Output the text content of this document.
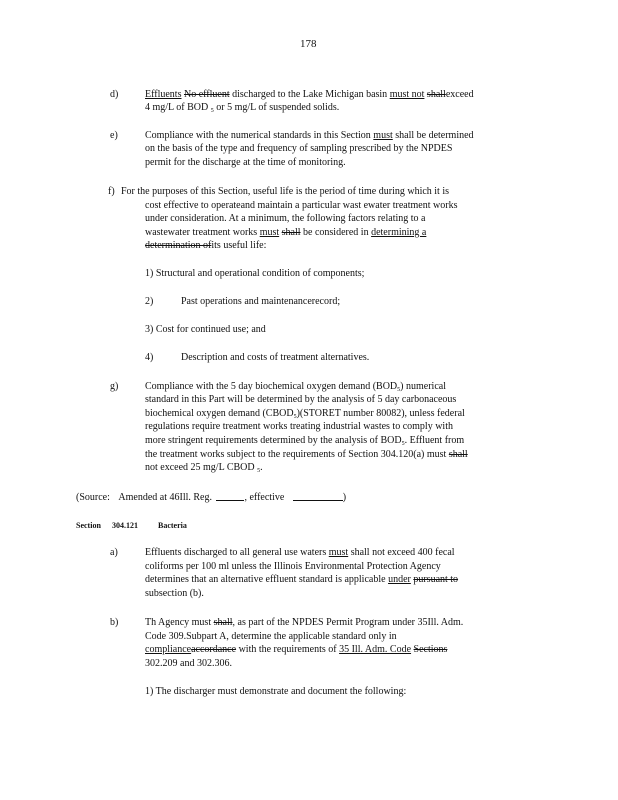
178
d)	Effluents No effluent discharged to the Lake Michigan basin must not shallexceed
4 mg/L of BOD $_5$ or 5 mg/L of suspended solids.
e)	Compliance with the numerical standards in this Section must shall be determined
on the basis of the type and frequency of sampling prescribed by the NPDES
permit for the discharge at the time of monitoring.
f) For the purposes of this Section, useful life is the period of time during which it is
cost effective to operateand maintain a particular wast ewater treatment works
under consideration. At a minimum, the following factors relating to a
wastewater treatment works must shall be considered in determining a
determination ofits useful life:
1) Structural and operational condition of components;
2)	Past operations and maintenancerecord;
3) Cost for continued use; and
4)	Description and costs of treatment alternatives.
g)	Compliance with the 5 day biochemical oxygen demand $(BOD_5)$ numerical
standard in this Part will be determined by the analysis of 5 day carbonaceous
biochemical oxygen demand $(CBOD_5)(STORET$ number 80082), unless federal
regulations require treatment works treating industrial wastes to comply with
more stringent requirements determined by the analysis of $BOD_5$. Effluent from
the treatment works subject to the requirements of Section 304.120(a) must shall
not exceed 25 mg/L CBOD $_5$.
(Source: Amended at 46Ill. Reg.	, effective	)
Section 304.121	Bacteria
a)	Effluents discharged to all general use waters must shall not exceed 400 fecal
coliforms per 100 ml unless the Illinois Environmental Protection Agency
determines that an alternative effluent standard is applicable under pursuant to
subsection (b).
b)	Th Agency must shall, as part of the NPDES Permit Program under 35Ill. Adm.
Code 309.Subpart A, determine the applicable standard only in
complianceaccordance with the requirements of 35 Ill. Adm. Code Sections
302.209 and 302.306.
1) The discharger must demonstrate and document the following:
